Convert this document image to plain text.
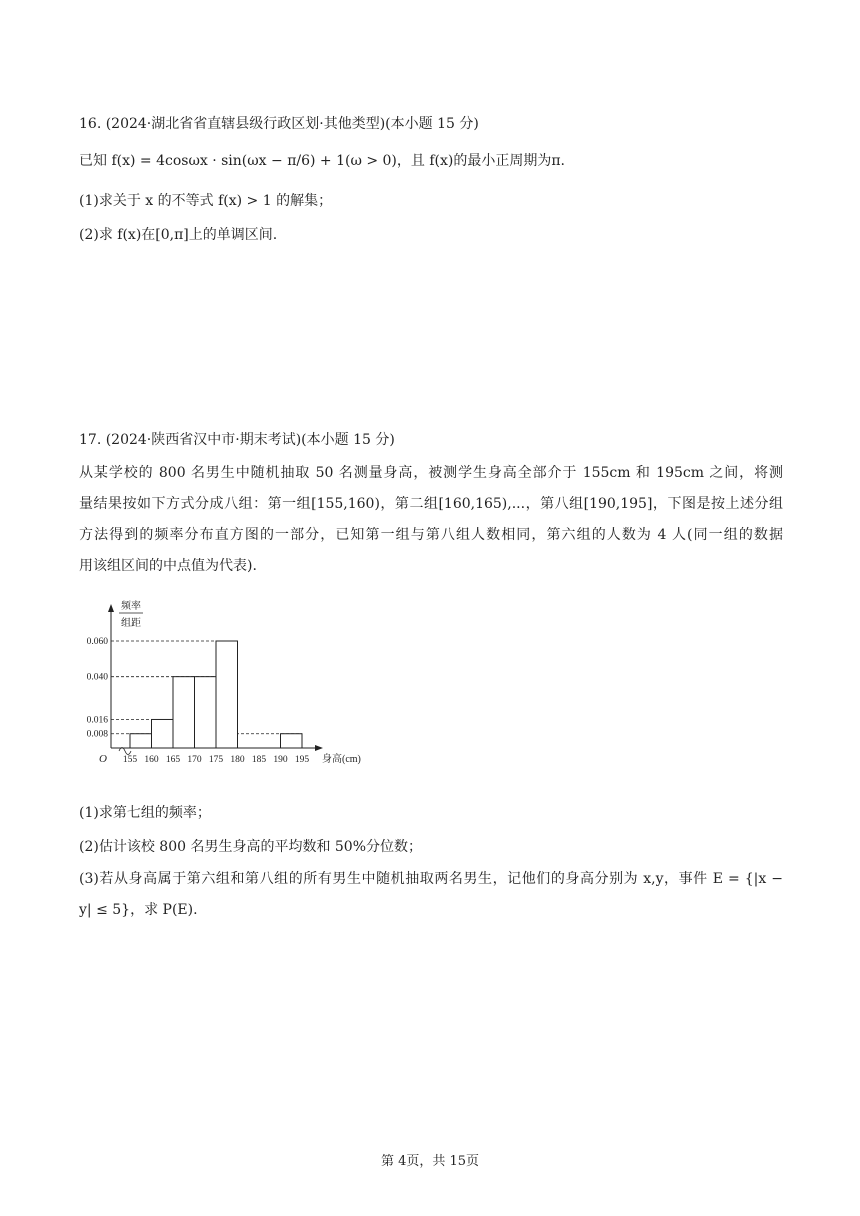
16. (2024·湖北省省直辖县级行政区划·其他类型)(本小题 15 分)
已知 f(x) = 4cosωx · sin(ωx − π/6) + 1(ω > 0)，且 f(x)的最小正周期为π.
(1)求关于 x 的不等式 f(x) > 1 的解集；
(2)求 f(x)在[0,π]上的单调区间.
17. (2024·陕西省汉中市·期末考试)(本小题 15 分)
从某学校的 800 名男生中随机抽取 50 名测量身高，被测学生身高全部介于 155cm 和 195cm 之间，将测
量结果按如下方式分成八组：第一组[155,160)，第二组[160,165),...，第八组[190,195]，下图是按上述分组
方法得到的频率分布直方图的一部分，已知第一组与第八组人数相同，第六组的人数为 4 人(同一组的数据
用该组区间的中点值为代表).
频率
组距
O
0.008
0.016
0.040
0.060
155 160 165 170 175 180 185 190 195 身高(cm)
(1)求第七组的频率；
(2)估计该校 800 名男生身高的平均数和 50%分位数；
(3)若从身高属于第六组和第八组的所有男生中随机抽取两名男生，记他们的身高分别为 x,y，事件 E = {|x −
y| ≤ 5}，求 P(E).
第 4页，共 15页
